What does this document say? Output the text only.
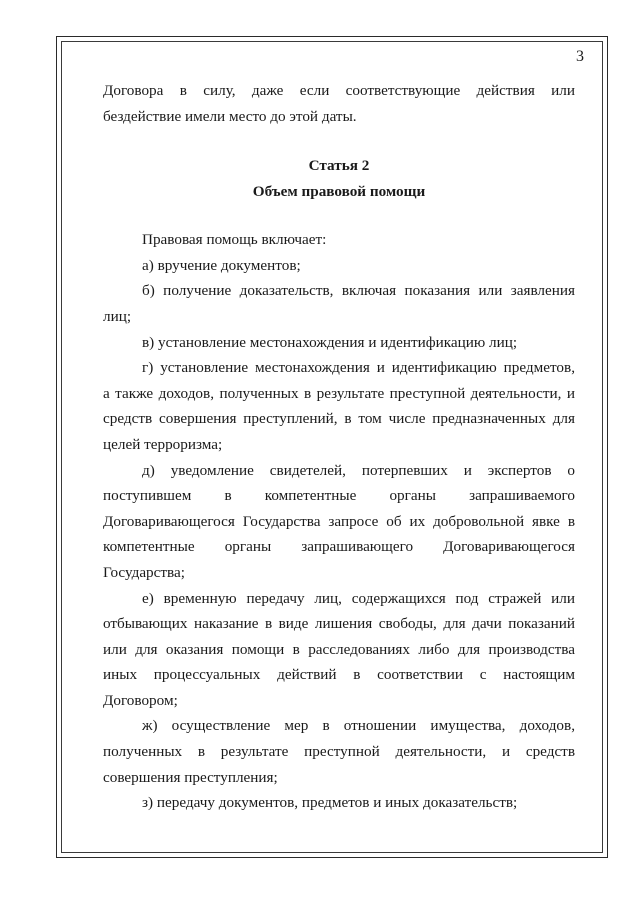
3
Договора в силу, даже если соответствующие действия или
бездействие имели место до этой даты.
Статья 2
Объем правовой помощи
Правовая помощь включает:
а) вручение документов;
б) получение доказательств, включая показания или заявления
лиц;
в) установление местонахождения и идентификацию лиц;
г) установление местонахождения и идентификацию предметов,
а также доходов, полученных в результате преступной деятельности, и
средств совершения преступлений, в том числе предназначенных для
целей терроризма;
д) уведомление свидетелей, потерпевших и экспертов о
поступившем в компетентные органы запрашиваемого
Договаривающегося Государства запросе об их добровольной явке в
компетентные органы запрашивающего Договаривающегося
Государства;
е) временную передачу лиц, содержащихся под стражей или
отбывающих наказание в виде лишения свободы, для дачи показаний
или для оказания помощи в расследованиях либо для производства
иных процессуальных действий в соответствии с настоящим
Договором;
ж) осуществление мер в отношении имущества, доходов,
полученных в результате преступной деятельности, и средств
совершения преступления;
з) передачу документов, предметов и иных доказательств;
